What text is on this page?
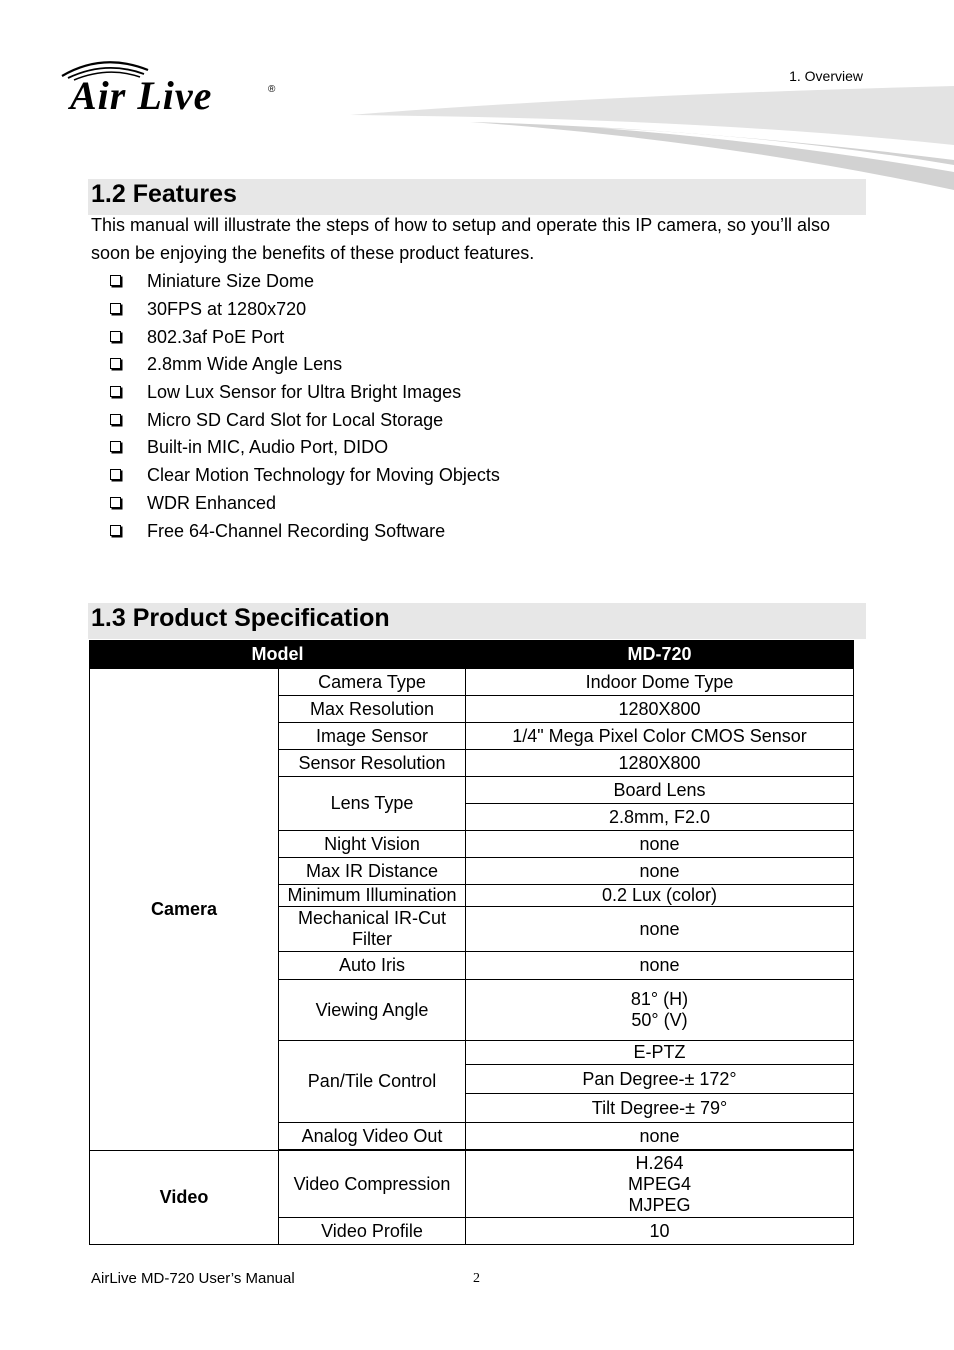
Air Live	®
1. Overview
1.2 Features
This manual will illustrate the steps of how to setup and operate this IP camera, so you’ll also soon be enjoying the benefits of these product features.
Miniature Size Dome
30FPS at 1280x720
802.3af PoE Port
2.8mm Wide Angle Lens
Low Lux Sensor for Ultra Bright Images
Micro SD Card Slot for Local Storage
Built-in MIC, Audio Port, DIDO
Clear Motion Technology for Moving Objects
WDR Enhanced
Free 64-Channel Recording Software
1.3 Product Specification
Model		MD-720
Camera	Camera Type	Indoor Dome Type
	Max Resolution	1280X800
	Image Sensor	1/4" Mega Pixel Color CMOS Sensor
	Sensor Resolution	1280X800
	Lens Type	Board Lens
		2.8mm, F2.0
	Night Vision	none
	Max IR Distance	none
	Minimum Illumination	0.2 Lux (color)

	Mechanical IR-Cut
Filter	none
	Auto Iris	none
	Viewing Angle	81° (H)
50° (V)

	Pan/Tile Control	E-PTZ
		Pan Degree-± 172°
		Tilt Degree-± 79°
	Analog Video Out	none

Video	Video Compression	H.264
MPEG4
MJPEG

	Video Profile	10
AirLive MD-720 User’s Manual	2
